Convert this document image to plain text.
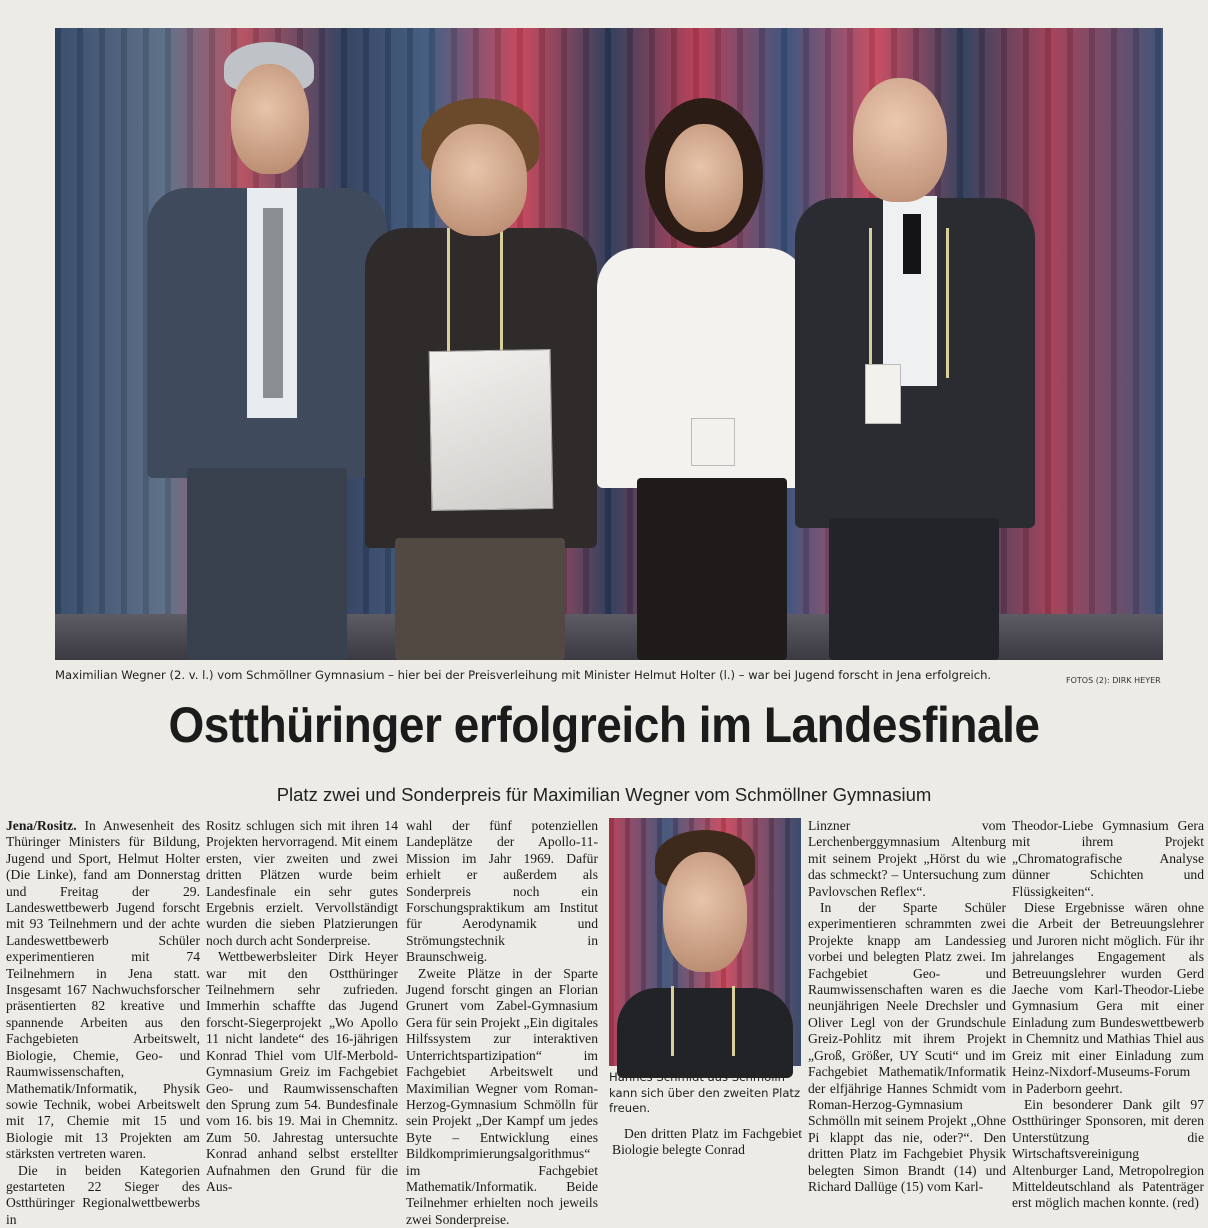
Maximilian Wegner (2. v. l.) vom Schmöllner Gymnasium – hier bei der Preisverleihung mit Minister Helmut Holter (l.) – war bei Jugend forscht in Jena erfolgreich.	FOTOS (2): DIRK HEYER
Ostthüringer erfolgreich im Landesfinale
Platz zwei und Sonderpreis für Maximilian Wegner vom Schmöllner Gymnasium

Jena/Rositz. In Anwesenheit des Thüringer Ministers für Bildung, Jugend und Sport, Helmut Holter (Die Linke), fand am Donnerstag und Freitag der 29. Landeswettbewerb Jugend forscht mit 93 Teilnehmern und der achte Landeswettbewerb Schüler experimentieren mit 74 Teilnehmern in Jena statt. Insgesamt 167 Nachwuchsforscher präsentierten 82 kreative und spannende Arbeiten aus den Fachgebieten Arbeitswelt, Biologie, Chemie, Geo- und Raumwissenschaften, Mathematik/Informatik, Physik sowie Technik, wobei Arbeitswelt mit 17, Chemie mit 15 und Biologie mit 13 Projekten am stärksten vertreten waren.

Die in beiden Kategorien gestarteten 22 Sieger des Ostthüringer Regionalwettbewerbs in

Rositz schlugen sich mit ihren 14 Projekten hervorragend. Mit einem ersten, vier zweiten und zwei dritten Plätzen wurde beim Landesfinale ein sehr gutes Ergebnis erzielt. Vervollständigt wurden die sieben Platzierungen noch durch acht Sonderpreise.

Wettbewerbsleiter Dirk Heyer war mit den Ostthüringer Teilnehmern sehr zufrieden. Immerhin schaffte das Jugend forscht-Siegerprojekt „Wo Apollo 11 nicht landete“ des 16-jährigen Konrad Thiel vom Ulf-Merbold-Gymnasium Greiz im Fachgebiet Geo- und Raumwissenschaften den Sprung zum 54. Bundesfinale vom 16. bis 19. Mai in Chemnitz. Zum 50. Jahrestag untersuchte Konrad anhand selbst erstellter Aufnahmen den Grund für die Aus-

wahl der fünf potenziellen Landeplätze der Apollo-11-Mission im Jahr 1969. Dafür erhielt er außerdem als Sonderpreis noch ein Forschungspraktikum am Institut für Aerodynamik und Strömungstechnik in Braunschweig.

Zweite Plätze in der Sparte Jugend forscht gingen an Florian Grunert vom Zabel-Gymnasium Gera für sein Projekt „Ein digitales Hilfssystem zur interaktiven Unterrichtspartizipation“ im Fachgebiet Arbeitswelt und Maximilian Wegner vom Roman-Herzog-Gymnasium Schmölln für sein Projekt „Der Kampf um jedes Byte – Entwicklung eines Bildkomprimierungsalgorithmus“ im Fachgebiet Mathematik/Informatik. Beide Teilnehmer erhielten noch jeweils zwei Sonderpreise.

Hannes Schmidt aus Schmölln kann sich über den zweiten Platz freuen.

Den dritten Platz im Fachgebiet Biologie belegte Conrad

Linzner vom Lerchenberggymnasium Altenburg mit seinem Projekt „Hörst du wie das schmeckt? – Untersuchung zum Pavlovschen Reflex“.

In der Sparte Schüler experimentieren schrammten zwei Projekte knapp am Landessieg vorbei und belegten Platz zwei. Im Fachgebiet Geo- und Raumwissenschaften waren es die neunjährigen Neele Drechsler und Oliver Legl von der Grundschule Greiz-Pohlitz mit ihrem Projekt „Groß, Größer, UY Scuti“ und im Fachgebiet Mathematik/Informatik der elfjährige Hannes Schmidt vom Roman-Herzog-Gymnasium Schmölln mit seinem Projekt „Ohne Pi klappt das nie, oder?“. Den dritten Platz im Fachgebiet Physik belegten Simon Brandt (14) und Richard Dallüge (15) vom Karl-

Theodor-Liebe Gymnasium Gera mit ihrem Projekt „Chromatografische Analyse dünner Schichten und Flüssigkeiten“.

Diese Ergebnisse wären ohne die Arbeit der Betreuungslehrer und Juroren nicht möglich. Für ihr jahrelanges Engagement als Betreuungslehrer wurden Gerd Jaeche vom Karl-Theodor-Liebe Gymnasium Gera mit einer Einladung zum Bundeswettbewerb in Chemnitz und Mathias Thiel aus Greiz mit einer Einladung zum Heinz-Nixdorf-Museums-Forum in Paderborn geehrt.

Ein besonderer Dank gilt 97 Ostthüringer Sponsoren, mit deren Unterstützung die Wirtschaftsvereinigung Altenburger Land, Metropolregion Mitteldeutschland als Patenträger erst möglich machen konnte. (red)
